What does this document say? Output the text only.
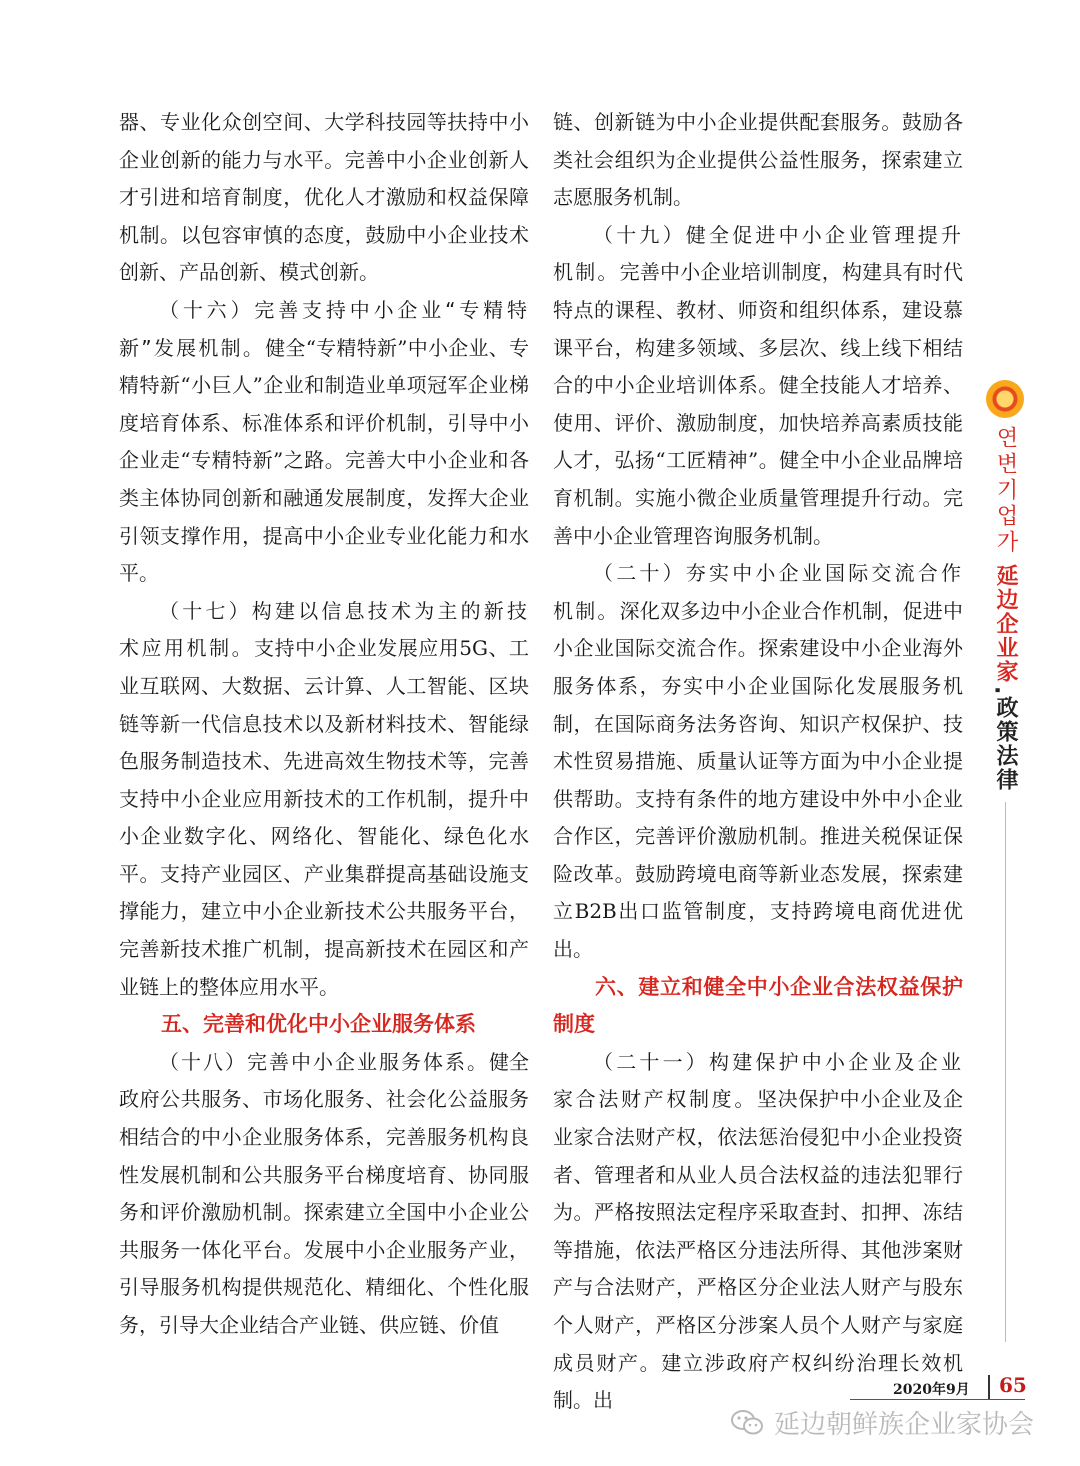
器、专业化众创空间、大学科技园等扶持中小企业创新的能力与水平。完善中小企业创新人才引进和培育制度，优化人才激励和权益保障机制。以包容审慎的态度，鼓励中小企业技术创新、产品创新、模式创新。

（十六）完善支持中小企业“专精特新”发展机制。健全“专精特新”中小企业、专精特新“小巨人”企业和制造业单项冠军企业梯度培育体系、标准体系和评价机制，引导中小企业走“专精特新”之路。完善大中小企业和各类主体协同创新和融通发展制度，发挥大企业引领支撑作用，提高中小企业专业化能力和水平。

（十七）构建以信息技术为主的新技术应用机制。支持中小企业发展应用5G、工业互联网、大数据、云计算、人工智能、区块链等新一代信息技术以及新材料技术、智能绿色服务制造技术、先进高效生物技术等，完善支持中小企业应用新技术的工作机制，提升中小企业数字化、网络化、智能化、绿色化水平。支持产业园区、产业集群提高基础设施支撑能力，建立中小企业新技术公共服务平台，完善新技术推广机制，提高新技术在园区和产业链上的整体应用水平。

五、完善和优化中小企业服务体系

（十八）完善中小企业服务体系。健全政府公共服务、市场化服务、社会化公益服务相结合的中小企业服务体系，完善服务机构良性发展机制和公共服务平台梯度培育、协同服务和评价激励机制。探索建立全国中小企业公共服务一体化平台。发展中小企业服务产业，引导服务机构提供规范化、精细化、个性化服务，引导大企业结合产业链、供应链、价值

链、创新链为中小企业提供配套服务。鼓励各类社会组织为企业提供公益性服务，探索建立志愿服务机制。

（十九）健全促进中小企业管理提升机制。完善中小企业培训制度，构建具有时代特点的课程、教材、师资和组织体系，建设慕课平台，构建多领域、多层次、线上线下相结合的中小企业培训体系。健全技能人才培养、使用、评价、激励制度，加快培养高素质技能人才，弘扬“工匠精神”。健全中小企业品牌培育机制。实施小微企业质量管理提升行动。完善中小企业管理咨询服务机制。

（二十）夯实中小企业国际交流合作机制。深化双多边中小企业合作机制，促进中小企业国际交流合作。探索建设中小企业海外服务体系，夯实中小企业国际化发展服务机制，在国际商务法务咨询、知识产权保护、技术性贸易措施、质量认证等方面为中小企业提供帮助。支持有条件的地方建设中外中小企业合作区，完善评价激励机制。推进关税保证保险改革。鼓励跨境电商等新业态发展，探索建立B2B出口监管制度，支持跨境电商优进优出。

六、建立和健全中小企业合法权益保护制度

（二十一）构建保护中小企业及企业家合法财产权制度。坚决保护中小企业及企业家合法财产权，依法惩治侵犯中小企业投资者、管理者和从业人员合法权益的违法犯罪行为。严格按照法定程序采取查封、扣押、冻结等措施，依法严格区分违法所得、其他涉案财产与合法财产，严格区分企业法人财产与股东个人财产，严格区分涉案人员个人财产与家庭成员财产。建立涉政府产权纠纷治理长效机制。出

연변기업가
延边企业家
·
政策法律
2020年9月 65
延边朝鲜族企业家协会
